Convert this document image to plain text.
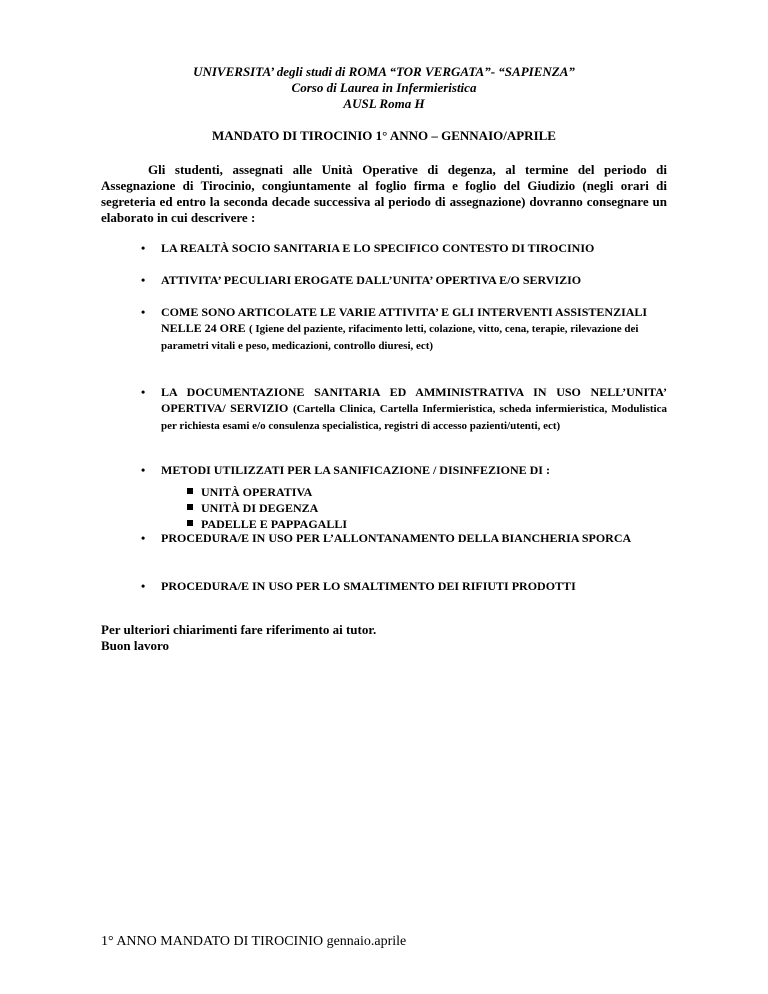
UNIVERSITA’ degli studi di ROMA “TOR VERGATA”- “SAPIENZA”
Corso di Laurea in Infermieristica
AUSL Roma H
MANDATO DI TIROCINIO 1° ANNO – GENNAIO/APRILE
Gli studenti, assegnati alle Unità Operative di degenza, al termine del periodo di Assegnazione di Tirocinio, congiuntamente al foglio firma e foglio del Giudizio (negli orari di segreteria ed entro la seconda decade successiva al periodo di assegnazione) dovranno consegnare un elaborato in cui descrivere :
•	LA REALTÀ SOCIO SANITARIA E LO SPECIFICO CONTESTO DI TIROCINIO
•	ATTIVITA’ PECULIARI EROGATE DALL’UNITA’ OPERTIVA E/O SERVIZIO
•	COME SONO ARTICOLATE LE VARIE ATTIVITA’ E GLI INTERVENTI ASSISTENZIALI NELLE 24 ORE ( Igiene del paziente, rifacimento letti, colazione, vitto, cena, terapie, rilevazione dei parametri vitali e peso, medicazioni, controllo diuresi, ect)
•	LA DOCUMENTAZIONE SANITARIA ED AMMINISTRATIVA IN USO NELL’UNITA’ OPERTIVA/ SERVIZIO (Cartella Clinica, Cartella Infermieristica, scheda infermieristica, Modulistica per richiesta esami e/o consulenza specialistica, registri di accesso pazienti/utenti, ect)
•	METODI UTILIZZATI PER LA SANIFICAZIONE / DISINFEZIONE DI :
•	PROCEDURA/E IN USO PER L’ALLONTANAMENTO DELLA BIANCHERIA SPORCA
•	PROCEDURA/E IN USO PER LO SMALTIMENTO DEI RIFIUTI PRODOTTI
UNITÀ OPERATIVA
UNITÀ DI DEGENZA
PADELLE E PAPPAGALLI
Per ulteriori chiarimenti fare riferimento ai tutor.
Buon lavoro
1° ANNO MANDATO DI TIROCINIO gennaio.aprile
